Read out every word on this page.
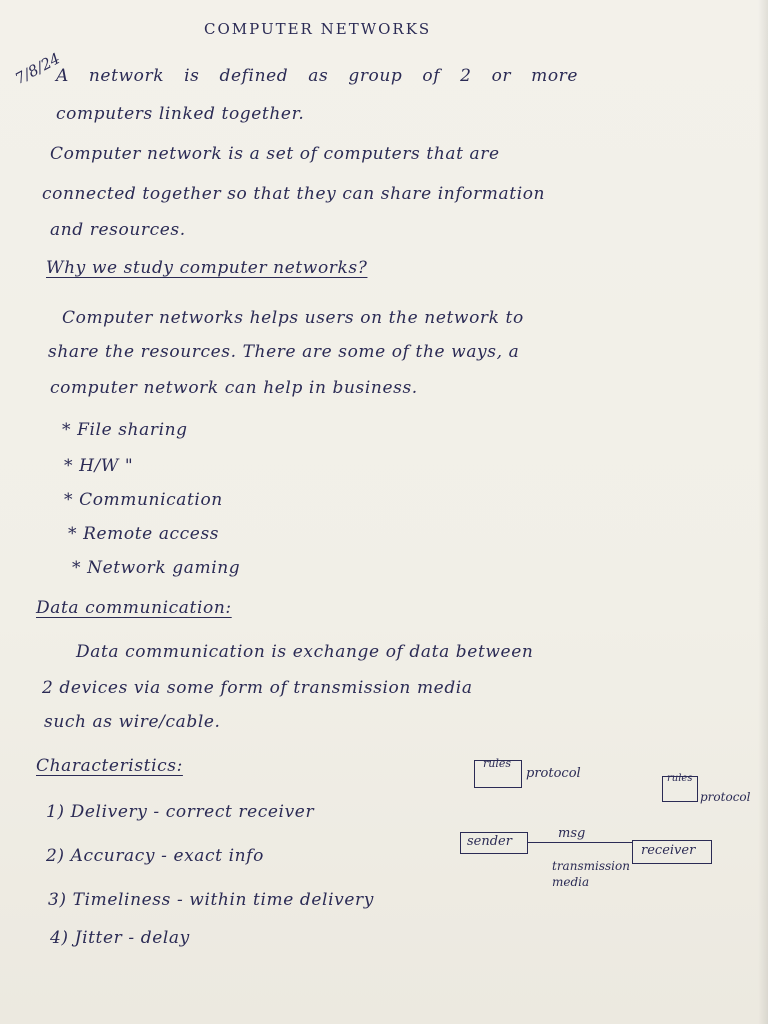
COMPUTER NETWORKS
7/8/24
A network is defined as group of 2 or more
computers linked together.
Computer network is a set of computers that are
connected together so that they can share information
and resources.
Why we study computer networks?
Computer networks helps users on the network to
share the resources. There are some of the ways, a
computer network can help in business.
* File sharing
* H/W "
* Communication
* Remote access
* Network gaming
Data communication:
Data communication is exchange of data between
2 devices via some form of transmission media
such as wire/cable.
Characteristics:
1) Delivery - correct receiver
2) Accuracy - exact info
3) Timeliness - within time delivery
4) Jitter - delay
rules
protocol	rules
protocol
sender
msg
receiver
transmission media
